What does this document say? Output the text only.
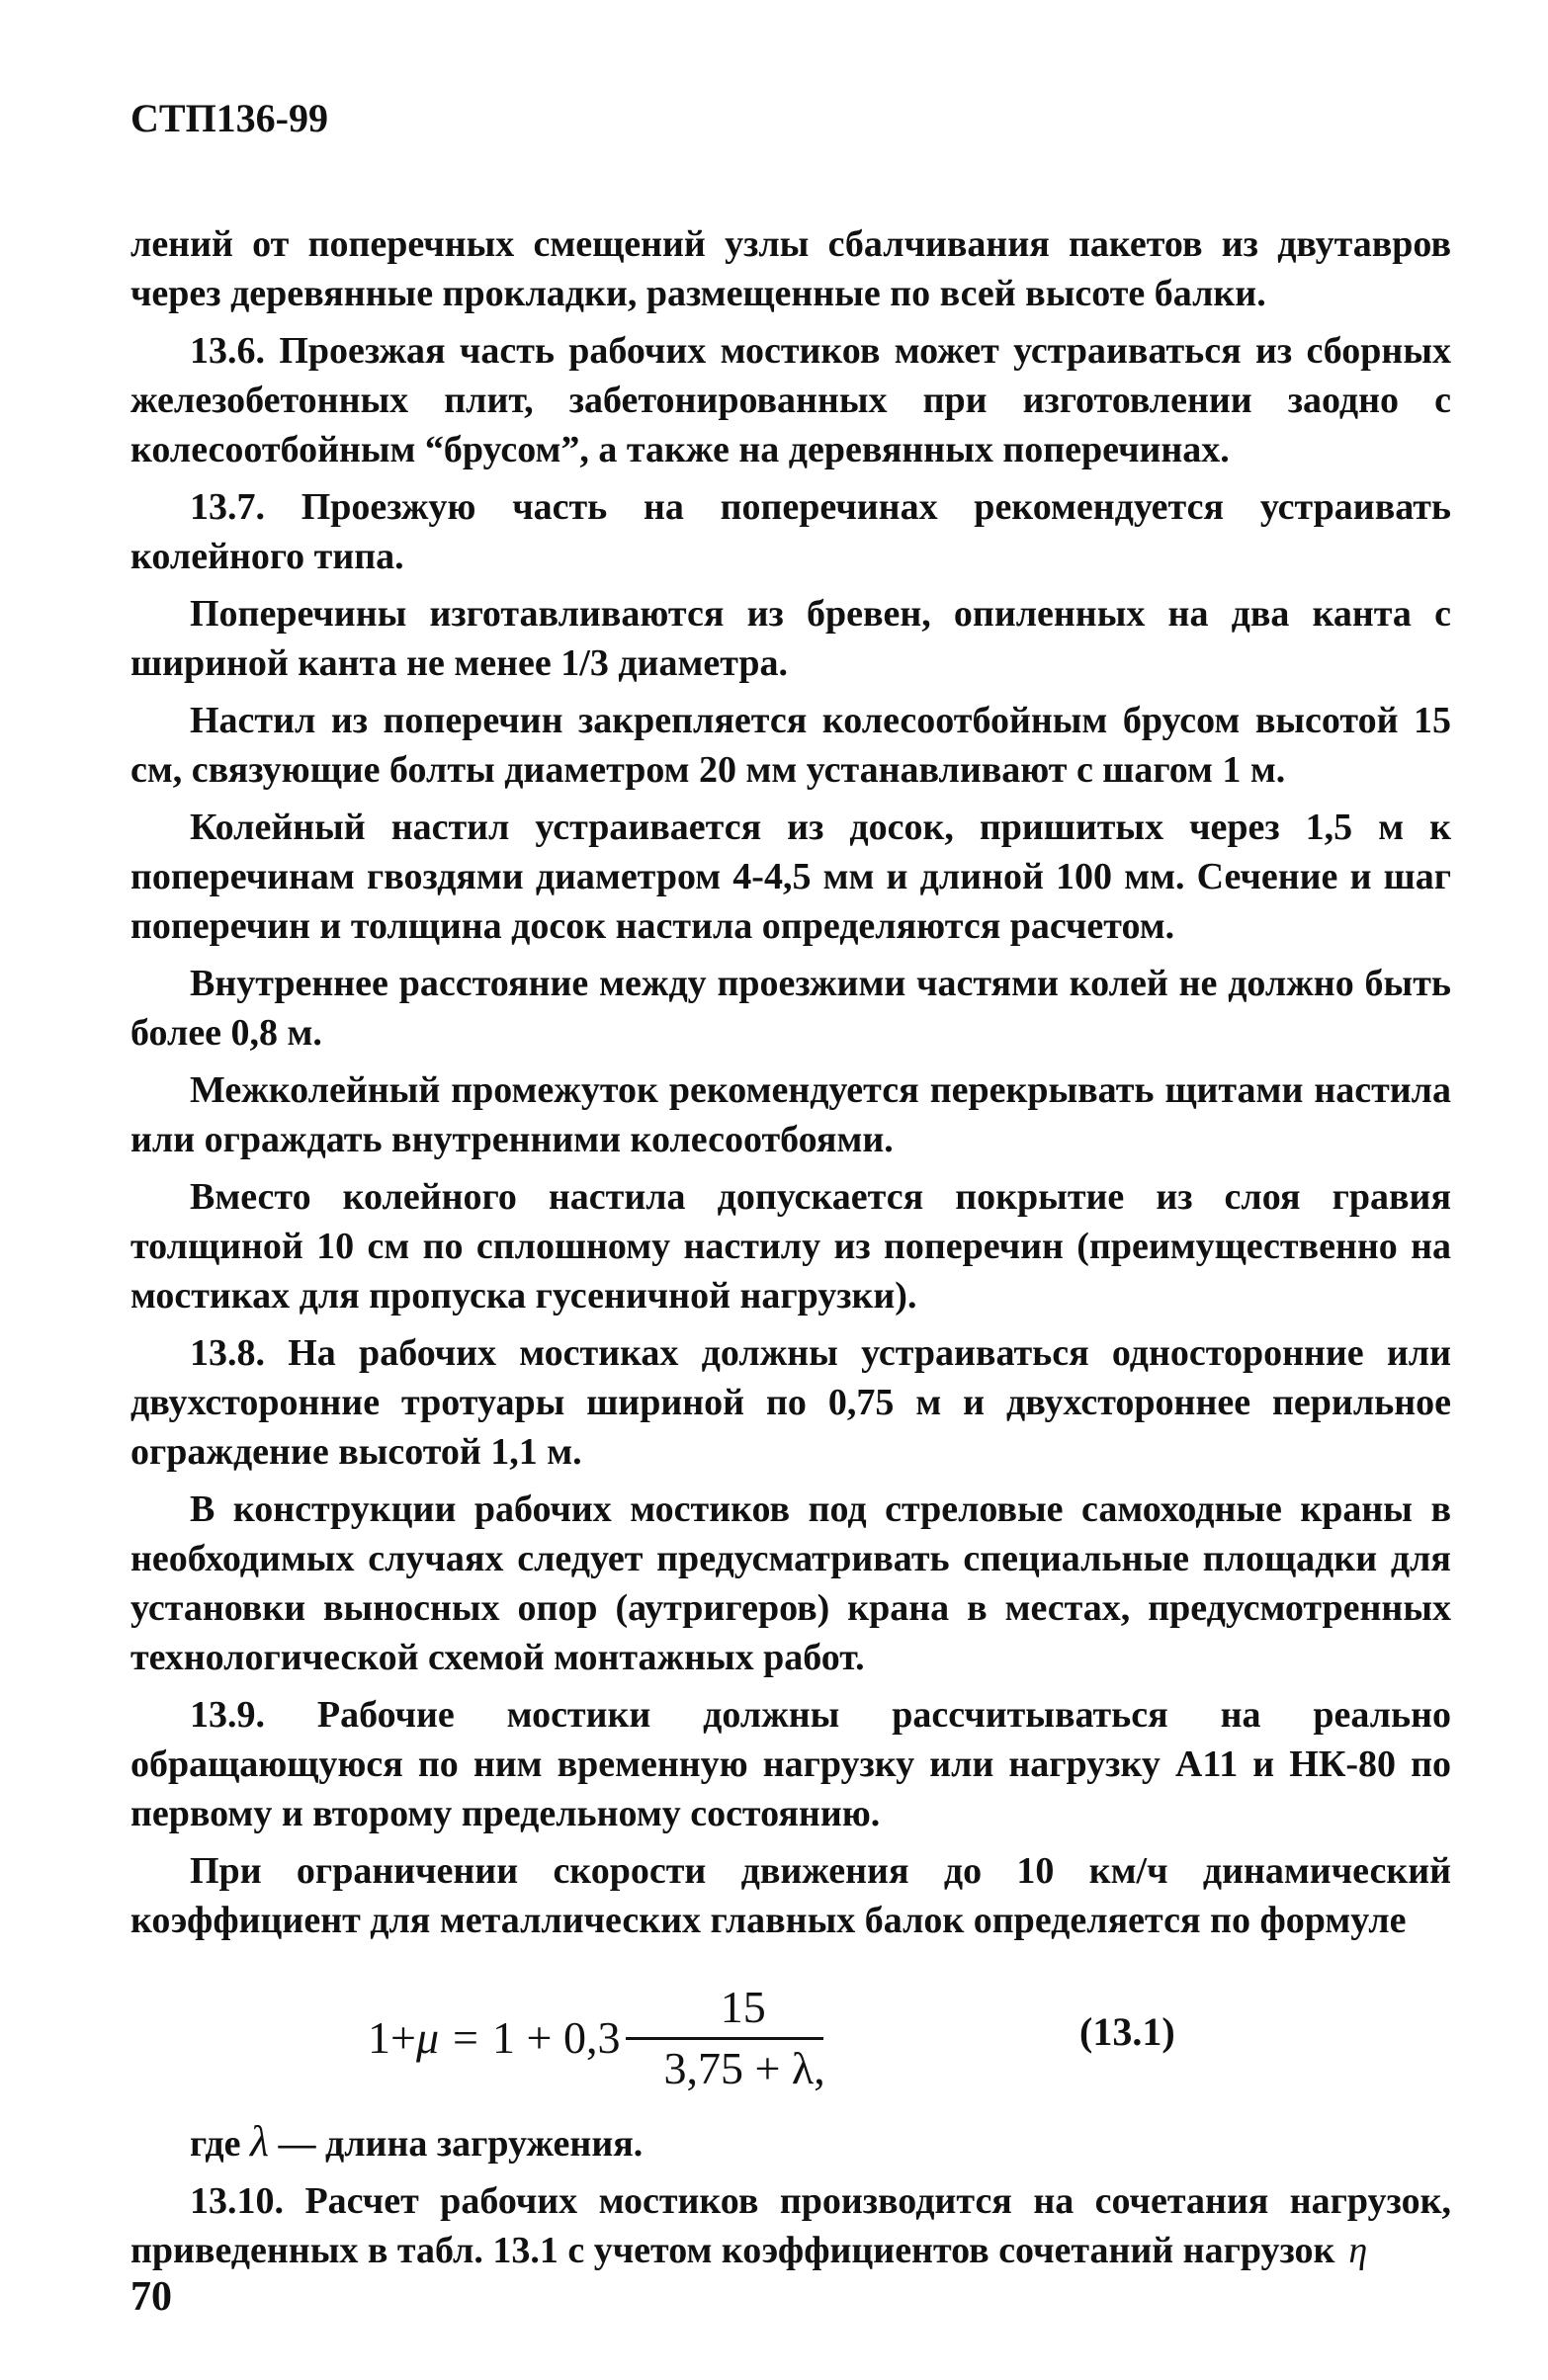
СТП136-99

лений от поперечных смещений узлы сбалчивания пакетов из двутавров через деревянные прокладки, размещенные по всей высоте балки.

13.6. Проезжая часть рабочих мостиков может устраиваться из сборных железобетонных плит, забетонированных при изготовлении заодно с колесоотбойным “брусом”, а также на деревянных поперечинах.

13.7. Проезжую часть на поперечинах рекомендуется устраивать колейного типа.

Поперечины изготавливаются из бревен, опиленных на два канта с шириной канта не менее 1/3 диаметра.

Настил из поперечин закрепляется колесоотбойным брусом высотой 15 см, связующие болты диаметром 20 мм устанавливают с шагом 1 м.

Колейный настил устраивается из досок, пришитых через 1,5 м к поперечинам гвоздями диаметром 4-4,5 мм и длиной 100 мм. Сечение и шаг поперечин и толщина досок настила определяются расчетом.

Внутреннее расстояние между проезжими частями колей не должно быть более 0,8 м.

Межколейный промежуток рекомендуется перекрывать щитами настила или ограждать внутренними колесоотбоями.

Вместо колейного настила допускается покрытие из слоя гравия толщиной 10 см по сплошному настилу из поперечин (преимущественно на мостиках для пропуска гусеничной нагрузки).

13.8. На рабочих мостиках должны устраиваться односторонние или двухсторонние тротуары шириной по 0,75 м и двухстороннее перильное ограждение высотой 1,1 м.

В конструкции рабочих мостиков под стреловые самоходные краны в необходимых случаях следует предусматривать специальные площадки для установки выносных опор (аутригеров) крана в местах, предусмотренных технологической схемой монтажных работ.

13.9. Рабочие мостики должны рассчитываться на реально обращающуюся по ним временную нагрузку или нагрузку А11 и НК-80 по первому и второму предельному состоянию.

При ограничении скорости движения до 10 км/ч динамический коэффициент для металлических главных балок определяется по формуле

$1+ \mu = 1 + 0,3 \frac{15}{3,75 + \lambda,}$	(13.1)

где λ — длина загружения.

13.10. Расчет рабочих мостиков производится на сочетания нагрузок, приведенных в табл. 13.1 с учетом коэффициентов сочетаний нагрузок η

70
